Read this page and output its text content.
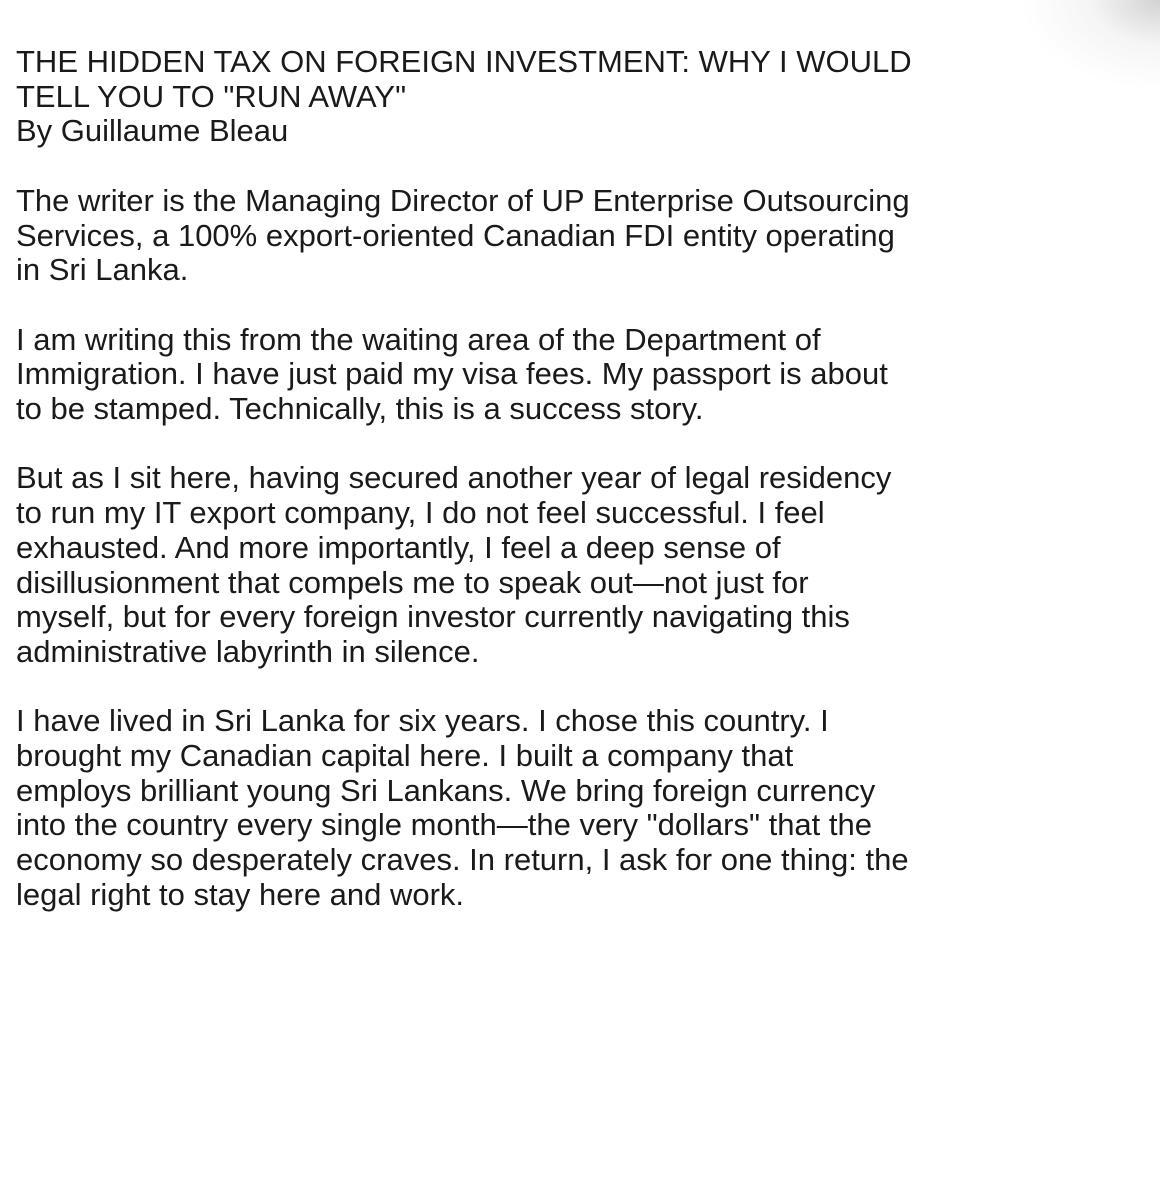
THE HIDDEN TAX ON FOREIGN INVESTMENT: WHY I WOULD
TELL YOU TO "RUN AWAY"
By Guillaume Bleau

The writer is the Managing Director of UP Enterprise Outsourcing
Services, a 100% export-oriented Canadian FDI entity operating
in Sri Lanka.

I am writing this from the waiting area of the Department of
Immigration. I have just paid my visa fees. My passport is about
to be stamped. Technically, this is a success story.

But as I sit here, having secured another year of legal residency
to run my IT export company, I do not feel successful. I feel
exhausted. And more importantly, I feel a deep sense of
disillusionment that compels me to speak out—not just for
myself, but for every foreign investor currently navigating this
administrative labyrinth in silence.

I have lived in Sri Lanka for six years. I chose this country. I
brought my Canadian capital here. I built a company that
employs brilliant young Sri Lankans. We bring foreign currency
into the country every single month—the very "dollars" that the
economy so desperately craves. In return, I ask for one thing: the
legal right to stay here and work.
